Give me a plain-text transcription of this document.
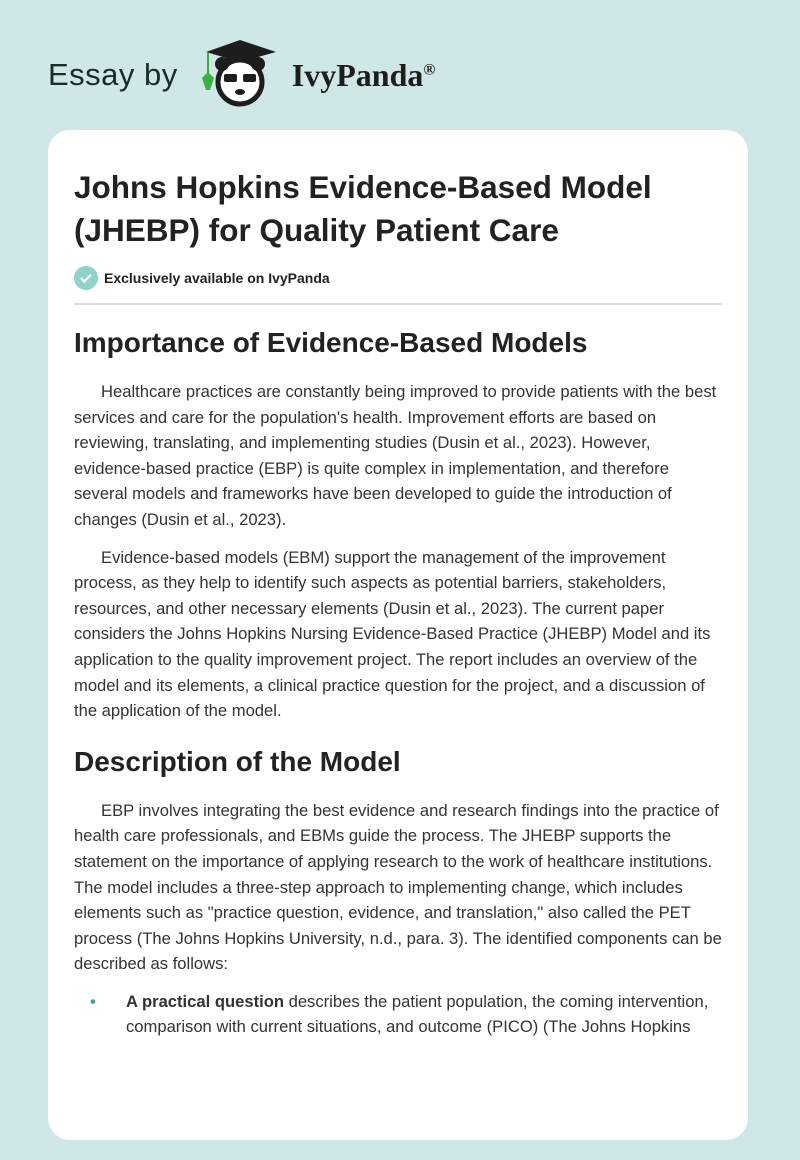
Essay by	IvyPanda®
Johns Hopkins Evidence-Based Model (JHEBP) for Quality Patient Care
Exclusively available on IvyPanda
Importance of Evidence-Based Models

Healthcare practices are constantly being improved to provide patients with the best services and care for the population's health. Improvement efforts are based on reviewing, translating, and implementing studies (Dusin et al., 2023). However, evidence-based practice (EBP) is quite complex in implementation, and therefore several models and frameworks have been developed to guide the introduction of changes (Dusin et al., 2023).

Evidence-based models (EBM) support the management of the improvement process, as they help to identify such aspects as potential barriers, stakeholders, resources, and other necessary elements (Dusin et al., 2023). The current paper considers the Johns Hopkins Nursing Evidence-Based Practice (JHEBP) Model and its application to the quality improvement project. The report includes an overview of the model and its elements, a clinical practice question for the project, and a discussion of the application of the model.

Description of the Model

EBP involves integrating the best evidence and research findings into the practice of health care professionals, and EBMs guide the process. The JHEBP supports the statement on the importance of applying research to the work of healthcare institutions. The model includes a three-step approach to implementing change, which includes elements such as "practice question, evidence, and translation," also called the PET process (The Johns Hopkins University, n.d., para. 3). The identified components can be described as follows:

• A practical question describes the patient population, the coming intervention, comparison with current situations, and outcome (PICO) (The Johns Hopkins
